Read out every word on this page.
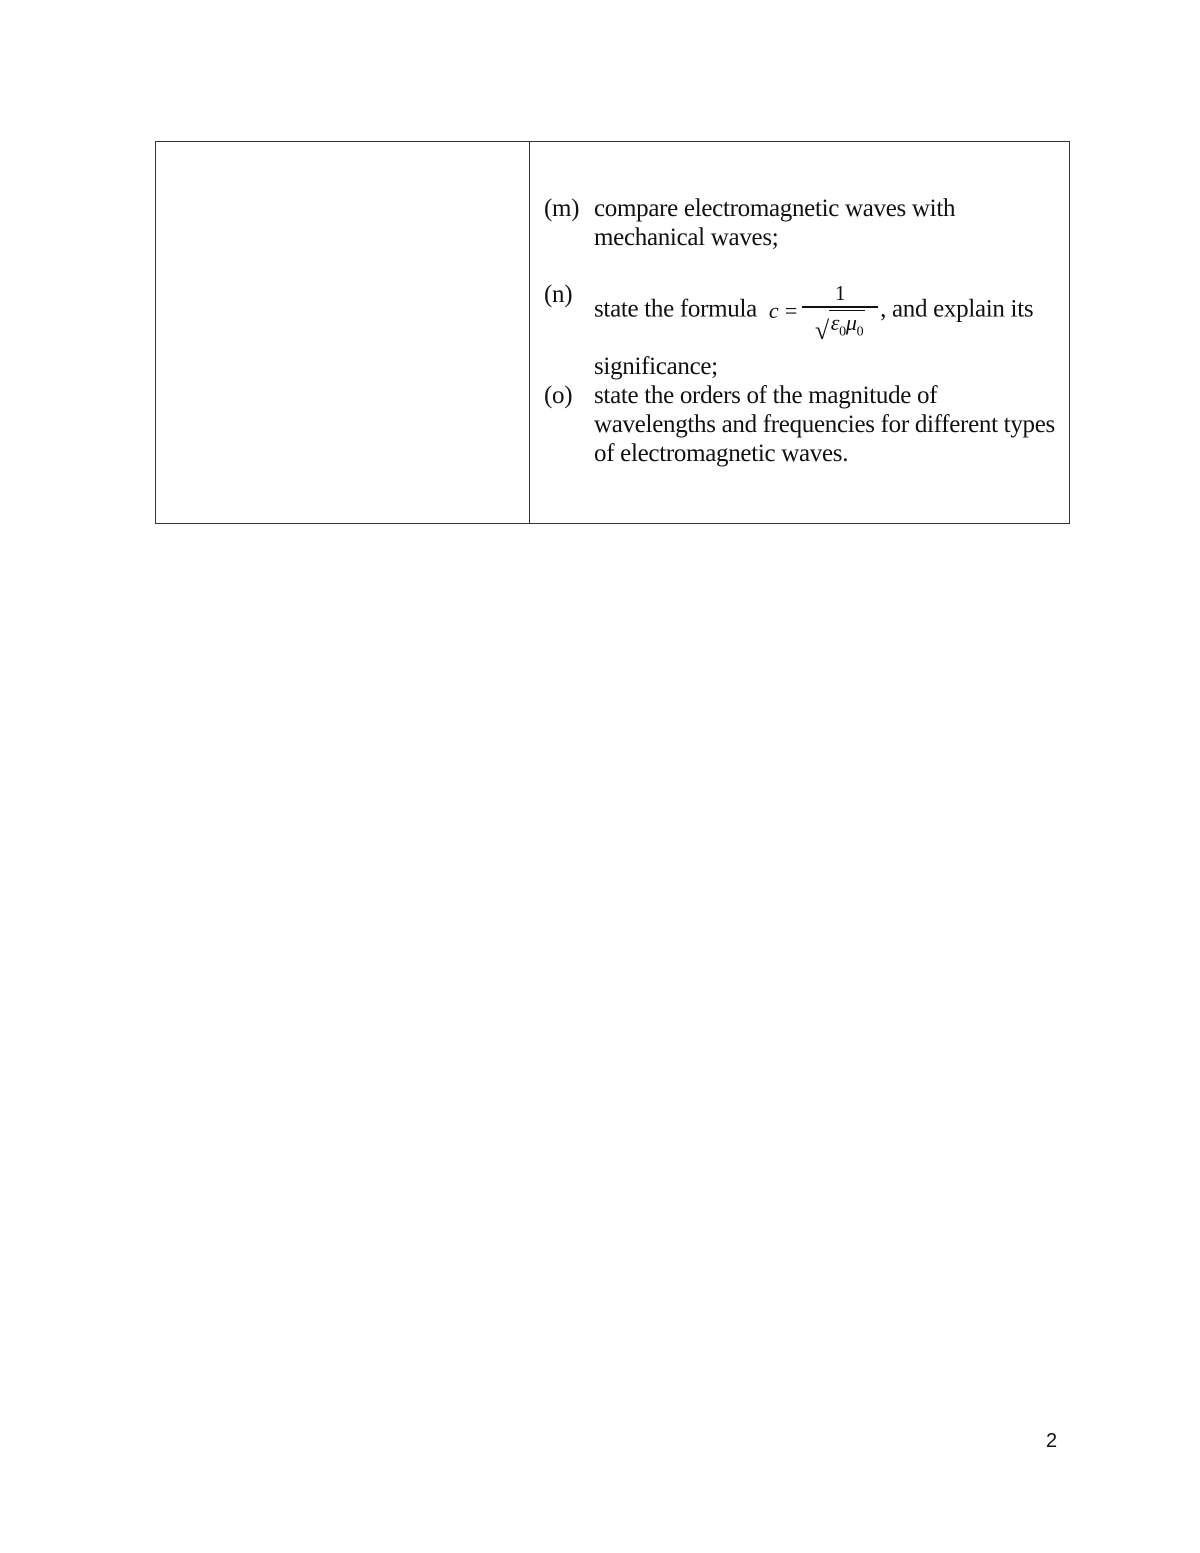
(m) compare electromagnetic waves with mechanical waves;
(n)
state the formula $c = \frac{1}{√ \varepsilon_0\mu_0}$ , and explain its
significance;
(o) state the orders of the magnitude of wavelengths and frequencies for different types of electromagnetic waves.
2
